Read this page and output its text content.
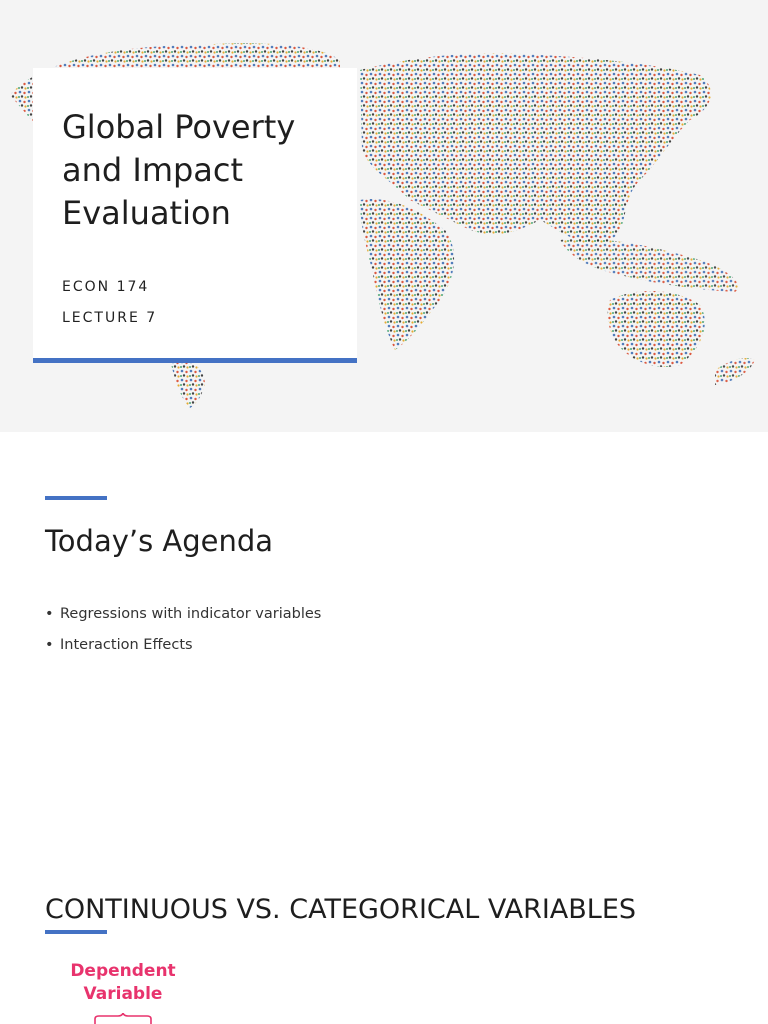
Global Poverty and Impact Evaluation

ECON 174

LECTURE 7

Today’s Agenda
• Regressions with indicator variables
• Interaction Effects
CONTINUOUS VS. CATEGORICAL VARIABLES
Dependent
Variable
